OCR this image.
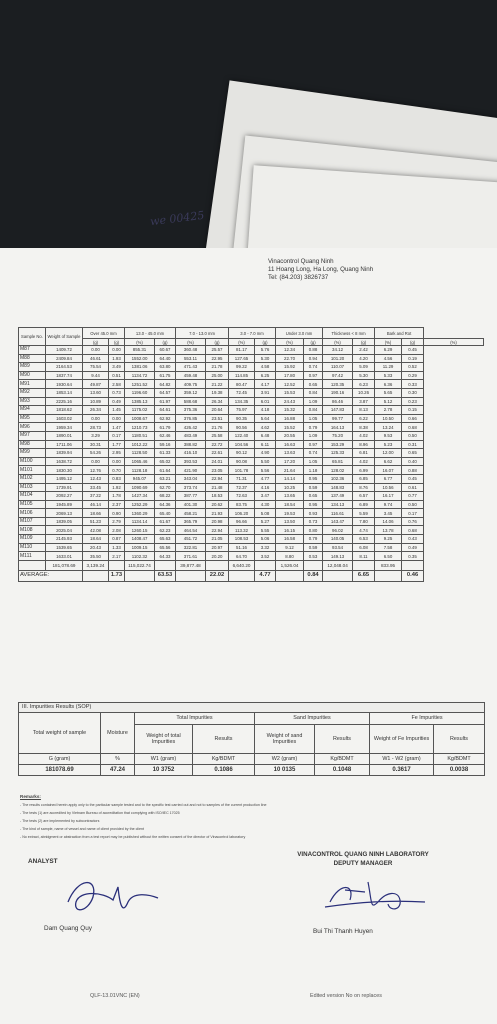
we 00425
Vinacontrol Quang Ninh
11 Hoang Long, Ha Long, Quang Ninh
Tel: (84.203) 3826737
Sample No.	Weight of Sample	Over 45.0 mm		13.0 - 45.0 mm		7.0 - 13.0 mm		3.0 - 7.0 mm		Under 3.0 mm		Thickness < 8 mm		Bark and Rot		
		(g)	(g)	(%)	(g)	(%)	(g)	(%)	(g)	(%)	(g)	(%)	(g)	(%)	(g)	(%)
M87	1409.72	0.00	0.00	855.31	60.67	360.48	25.57	81.17	5.76	12.34	0.88	34.12	2.42	6.29	0.45	
M88	2409.84	46.61	1.93	1552.00	64.40	553.11	22.95	127.65	5.30	22.70	0.94	101.20	4.20	4.56	0.19	
M89	2164.53	75.54	3.49	1381.06	63.80	471.43	21.78	99.22	4.58	15.92	0.74	110.07	5.09	11.29	0.52	
M90	1837.74	9.44	0.51	1134.72	61.75	459.48	25.00	114.85	6.25	17.80	0.97	97.42	5.30	5.33	0.29	
M91	1930.64	49.87	2.58	1251.52	64.82	409.75	21.22	80.47	4.17	12.52	0.65	120.35	6.23	6.36	0.33	
M92	1853.14	13.60	0.73	1196.60	64.57	359.12	19.38	72.45	3.91	15.53	0.84	190.16	10.26	5.65	0.30	
M93	2225.16	10.89	0.49	1385.13	61.97	588.68	26.34	134.35	6.01	24.43	1.09	86.46	3.87	5.12	0.23	
M94	1818.62	26.34	1.45	1175.02	64.61	375.36	20.64	75.97	4.18	15.32	0.84	147.83	8.13	2.78	0.15	
M95	1603.02	0.00	0.00	1008.67	62.92	376.85	23.51	90.35	5.64	16.88	1.05	99.77	6.22	10.50	0.66	
M96	1959.34	28.73	1.47	1210.73	61.79	426.42	21.76	90.56	4.62	15.52	0.79	164.13	8.38	13.24	0.68	
M97	1890.01	3.29	0.17	1180.51	62.46	483.49	25.58	122.40	6.48	20.55	1.09	75.20	4.02	9.53	0.50	
M98	1711.06	30.31	1.77	1012.22	59.16	388.82	22.72	104.56	6.11	16.63	0.97	153.29	8.96	5.23	0.31	
M99	1839.94	54.26	2.95	1128.50	61.33	416.10	22.61	90.12	4.90	13.63	0.74	125.33	6.81	12.00	0.65	
M100	1638.72	0.00	0.00	1065.46	65.02	393.53	24.01	90.08	5.50	17.20	1.05	65.81	4.02	6.62	0.40	
M101	1830.30	12.76	0.70	1128.18	61.64	421.90	23.05	101.78	5.56	21.64	1.18	128.02	6.99	16.07	0.88	
M102	1495.12	12.43	0.83	945.07	63.21	343.04	22.94	71.31	4.77	14.14	0.95	102.36	6.85	6.77	0.45	
M103	1739.91	33.45	1.92	1090.69	62.70	373.74	21.48	72.37	4.16	10.25	0.59	148.83	8.76	10.56	0.61	
M104	2092.27	37.22	1.78	1427.34	68.22	387.77	18.53	72.63	3.47	13.65	0.65	137.49	6.57	16.17	0.77	
M105	1945.89	46.14	2.37	1252.29	64.36	401.30	20.62	83.75	4.30	18.54	0.95	134.13	6.89	9.74	0.50	
M106	2069.13	18.66	0.90	1360.29	65.40	458.21	21.93	106.20	5.08	19.53	0.93	116.61	5.59	3.45	0.17	
M107	1839.05	51.23	2.79	1134.14	61.67	365.79	20.98	96.66	5.27	13.50	0.73	143.47	7.80	14.06	0.76	
M108	2025.04	42.08	2.08	1260.15	62.23	464.54	22.94	113.32	5.55	16.15	0.80	96.02	4.74	13.78	0.68	
M109	2145.93	18.64	0.87	1408.47	65.63	451.72	21.05	108.53	5.06	16.58	0.79	140.05	6.53	9.25	0.43	
M110	1539.65	20.43	1.33	1009.15	65.56	322.81	20.97	51.16	3.32	9.12	0.59	93.54	6.08	7.58	0.49	
M111	1633.01	35.50	2.17	1102.32	64.33	371.61	20.20	64.70	3.52	8.80	0.53	149.13	8.11	6.50	0.35	
	181,078.69	3,139.24		115,022.74		39,877.48		6,640.20		1,526.04		12,048.04		833.95		
AVERAGE:			1.73		63.53		22.02		4.77		0.84		6.65		0.46	
III. Impurities Results (SOP)
Total weight of sample	Moisture	Total Impurities		Sand Impurities		Fe Impurities	
		Weight of total Impurities	Results	Weight of sand Impurities	Results	Weight of Fe Impurities	Results
G (gram)	%	W1 (gram)	Kg/BDMT	W2 (gram)	Kg/BDMT	W1 - W2 (gram)	Kg/BDMT
181078.69	47.24	10 3752	0.1086	10 0135	0.1048	0.3617	0.0038
Remarks:
- The results contained herein apply only to the particular sample tested and to the specific test carried out and not to samples of the current production line
- The tests (1) are accredited by Vietnam Bureau of accreditation that complying with ISO/IEC 17025
- The tests (2) are implemented by subcontractors
- The kind of sample, name of vessel and name of client provided by the client
- No extract, abridgment or abstraction from a test report may be published without the written consent of the director of Vinacontrol laboratory
VINACONTROL QUANG NINH LABORATORY
DEPUTY MANAGER
ANALYST
Dam Quang Quy	Bui Thi Thanh Huyen
QLF-13.01VNC (EN)	Edited version No on replaces
